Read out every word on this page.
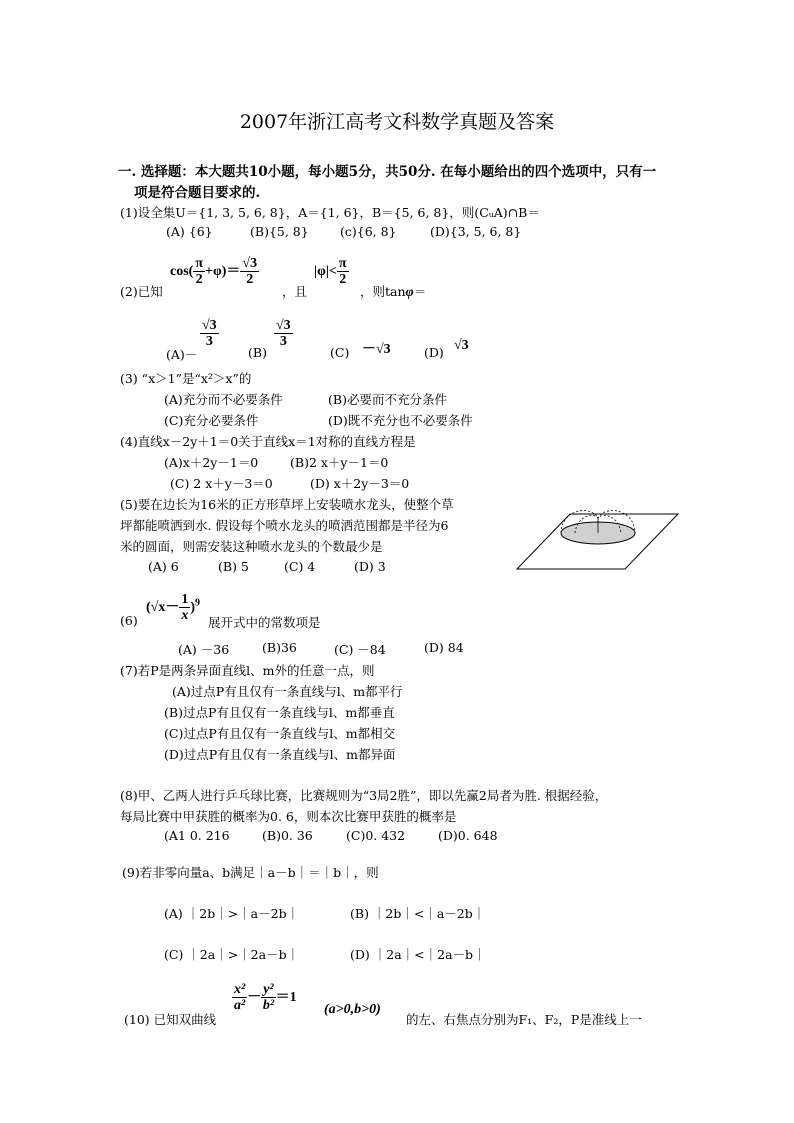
2007年浙江高考文科数学真题及答案
一. 选择题：本大题共10小题，每小题5分，共50分. 在每小题给出的四个选项中，只有一
项是符合题目要求的.
(1)设全集U＝{1, 3, 5, 6, 8}，A＝{1, 6}，B＝{5, 6, 8}，则(CᵤA)∩B＝
(A) {6}	(B){5, 8}	(c){6, 8}	(D){3, 5, 6, 8}
$\cos( \frac{\pi}{2} +\varphi)= \frac{√3}{2}$
(2)已知	，且
$|\varphi|< \frac{\pi}{2}$
，则tanφ＝
(A)－
$\frac{√3}{3}$
(B)
$\frac{√3}{3}$
(C) －√3	(D) √3
(3) “x＞1”是“x²＞x”的
(A)充分而不必要条件	(B)必要而不充分条件
(C)充分必要条件	(D)既不充分也不必要条件
(4)直线x－2y＋1＝0关于直线x＝1对称的直线方程是
(A)x＋2y－1＝0	(B)2 x＋y－1＝0
(C) 2 x＋y－3＝0	(D) x＋2y－3＝0
(5)要在边长为16米的正方形草坪上安装喷水龙头，使整个草
坪都能喷洒到水. 假设每个喷水龙头的喷洒范围都是半径为6
米的圆面，则需安装这种喷水龙头的个数最少是
(A) 6	(B) 5	(C) 4	(D) 3
(6)
$(√x- \frac{1}{x} )^9$
展开式中的常数项是
(A) －36	(B)36	(C) －84	(D) 84
(7)若P是两条异面直线l、m外的任意一点，则
(A)过点P有且仅有一条直线与l、m都平行
(B)过点P有且仅有一条直线与l、m都垂直
(C)过点P有且仅有一条直线与l、m都相交
(D)过点P有且仅有一条直线与l、m都异面
(8)甲、乙两人进行乒乓球比赛，比赛规则为“3局2胜”，即以先赢2局者为胜. 根据经验，
每局比赛中甲获胜的概率为0. 6，则本次比赛甲获胜的概率是
(A1 0. 216	(B)0. 36	(C)0. 432	(D)0. 648
(9)若非零向量a、b满足｜a－b｜＝｜b｜，则
(A) ｜2b｜>｜a－2b｜	(B) ｜2b｜<｜a－2b｜
(C) ｜2a｜>｜2a－b｜	(D) ｜2a｜<｜2a－b｜
(10) 已知双曲线
$\frac{\text{x²}}{\text{a²}} - \frac{\text{y²}}{\text{b²}} =1$
(a>0,b>0)
的左、右焦点分别为F₁、F₂，P是准线上一
